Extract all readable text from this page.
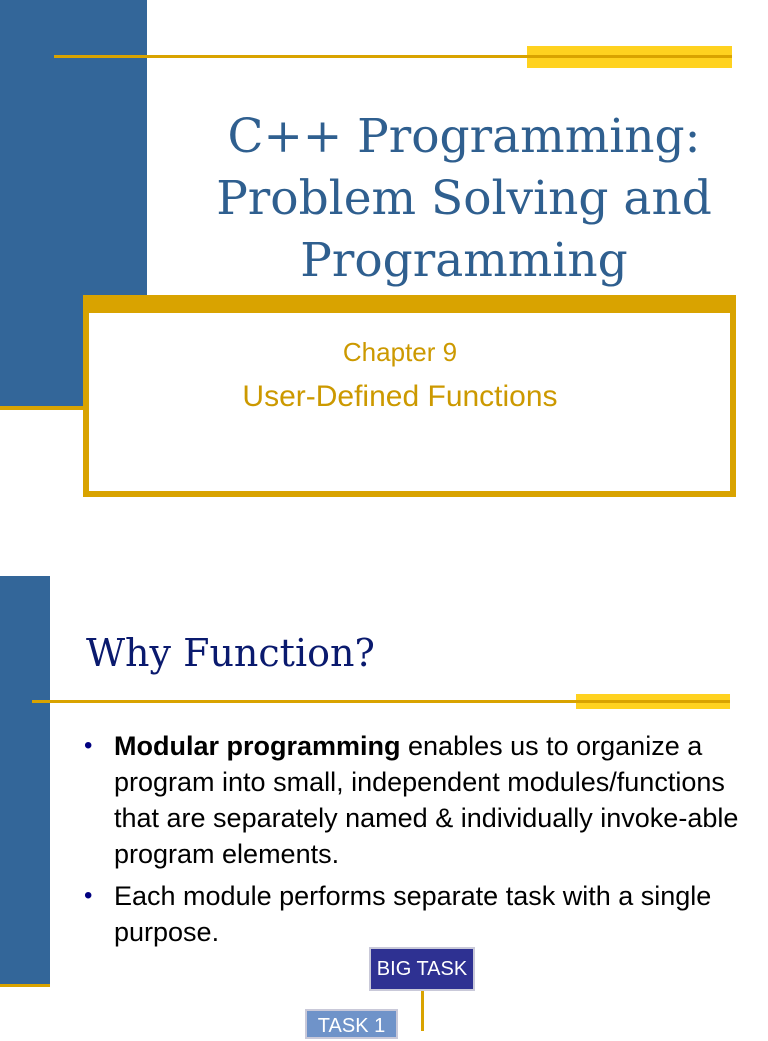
C++ Programming:
Problem Solving and
Programming
Chapter 9
User-Defined Functions
Why Function?
• Modular programming enables us to organize a program into small, independent modules/functions that are separately named & individually invoke-able program elements.
• Each module performs separate task with a single purpose.
BIG TASK
TASK 1
